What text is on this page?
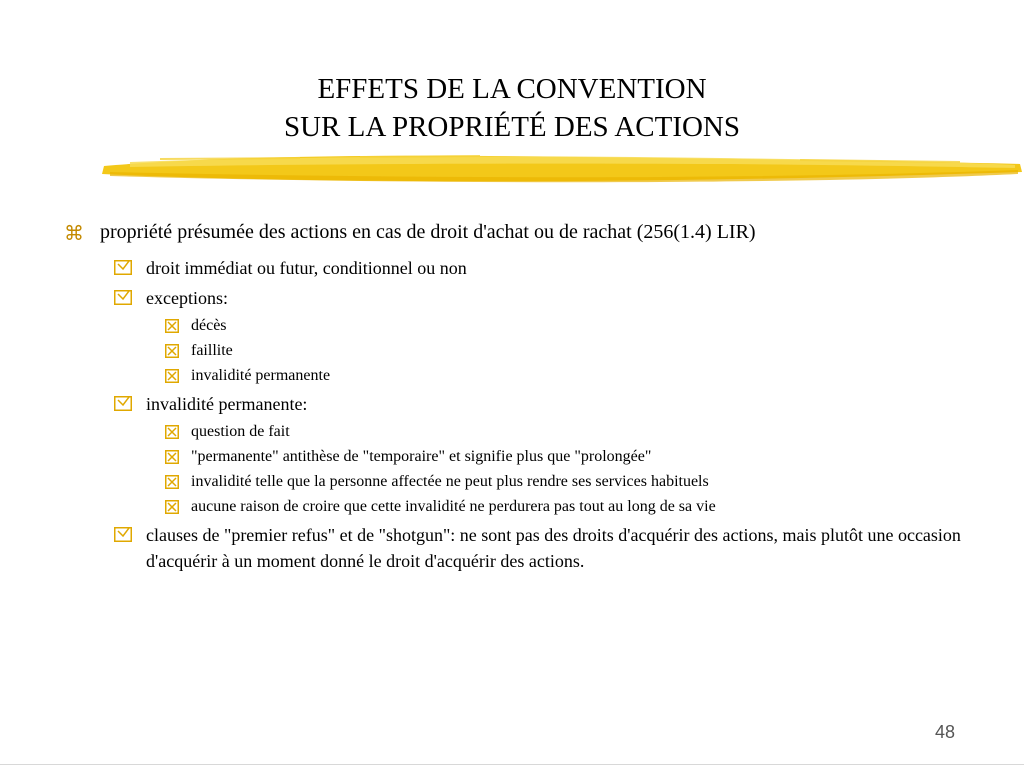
EFFETS DE LA CONVENTION
SUR LA PROPRIÉTÉ DES ACTIONS
⌘ propriété présumée des actions en cas de droit d'achat ou de rachat (256(1.4) LIR)
droit immédiat ou futur, conditionnel ou non
exceptions:
décès
faillite
invalidité permanente
invalidité permanente:
question de fait
"permanente" antithèse de "temporaire" et signifie plus que "prolongée"
invalidité telle que la personne affectée ne peut plus rendre ses services habituels
aucune raison de croire que cette invalidité ne perdurera pas tout au long de sa vie
clauses de "premier refus" et de "shotgun": ne sont pas des droits d'acquérir des actions, mais plutôt une occasion d'acquérir à un moment donné le droit d'acquérir des actions.
48
